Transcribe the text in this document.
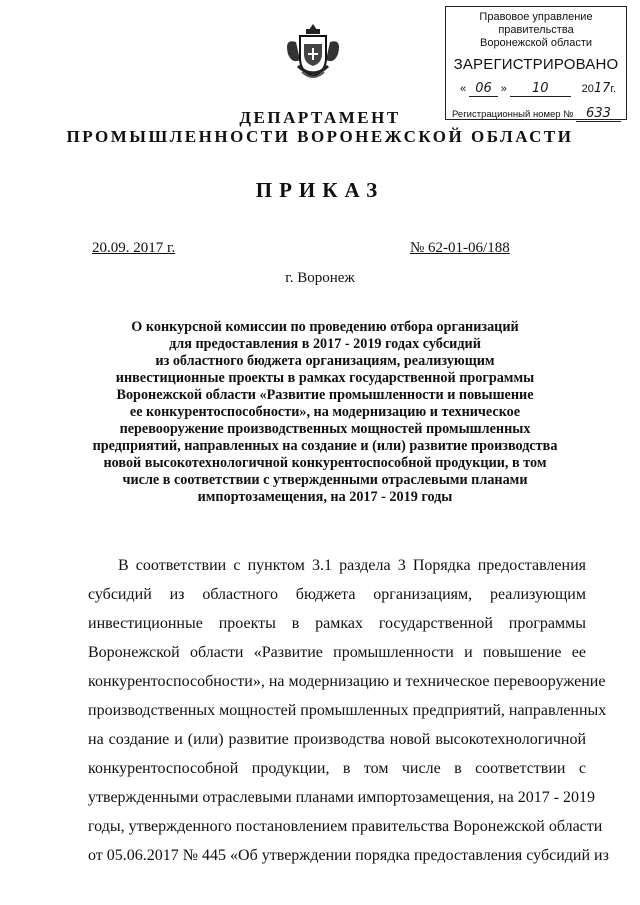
Правовое управление правительства
Воронежской области
ЗАРЕГИСТРИРОВАНО
« 06 » 10	2017г.
Регистрационный номер № 633
ДЕПАРТАМЕНТ
ПРОМЫШЛЕННОСТИ ВОРОНЕЖСКОЙ ОБЛАСТИ
ПРИКАЗ
20.09. 2017 г.	№ 62-01-06/188
г. Воронеж
О конкурсной комиссии по проведению отбора организаций
для предоставления в 2017 - 2019 годах субсидий
из областного бюджета организациям, реализующим
инвестиционные проекты в рамках государственной программы
Воронежской области «Развитие промышленности и повышение
ее конкурентоспособности», на модернизацию и техническое
перевооружение производственных мощностей промышленных
предприятий, направленных на создание и (или) развитие производства
новой высокотехнологичной конкурентоспособной продукции, в том
числе в соответствии с утвержденными отраслевыми планами
импортозамещения, на 2017 - 2019 годы
В соответствии с пунктом 3.1 раздела 3 Порядка предоставления
субсидий из областного бюджета организациям, реализующим
инвестиционные проекты в рамках государственной программы
Воронежской области «Развитие промышленности и повышение ее
конкурентоспособности», на модернизацию и техническое перевооружение
производственных мощностей промышленных предприятий, направленных
на создание и (или) развитие производства новой высокотехнологичной
конкурентоспособной продукции, в том числе в соответствии с
утвержденными отраслевыми планами импортозамещения, на 2017 - 2019
годы, утвержденного постановлением правительства Воронежской области
от 05.06.2017 № 445 «Об утверждении порядка предоставления субсидий из
